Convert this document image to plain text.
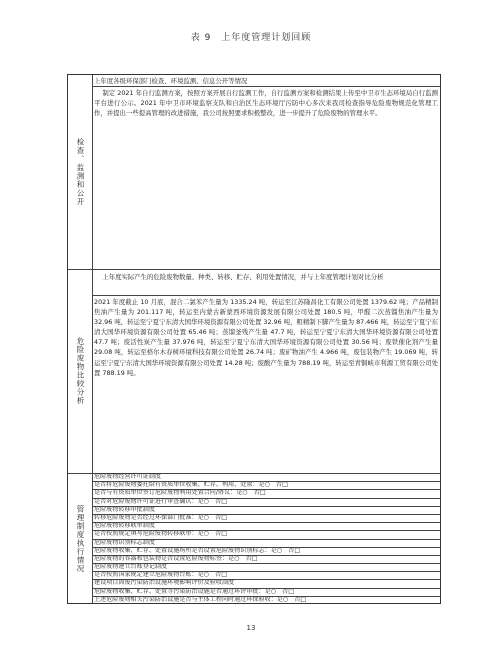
表 9　上年度管理计划回顾
检查、监测和公开

上年度各级环保部门检查、环境监测、信息公开等情况

制定 2021 年自行监测方案，按照方案开展自行监测工作，自行监测方案和检测结果上传至中卫市生态环境局自行监测平台进行公示。2021 年中卫市环境监察支队和自治区生态环境厅污防中心多次来我司检查指导危险废物规范化管理工作，并提出一些提高管理的改进措施，我公司按照要求积极整改，进一步提升了危险废物的管理水平。

危险废物比较分析

上年度实际产生的危险废物数量、种类、转移、贮存、利用处置情况，并与上年度管理计划对比分析

2021 年度截止 10 月底，混合二氯苯产生量为 1335.24 吨，转运至江苏隆昌化工有限公司处置 1379.62 吨；产品精制焦油产生量为 201.117 吨，转运至内蒙古新蒙西环境资源发展有限公司处置 180.5 吨，甲醛二次蒸馏焦油产生量为 32.96 吨，转运至宁夏宁东清大国华环境资源有限公司处置 32.96 吨，粗精制下脚产生量为 87.466 吨，转运至宁夏宁东清大国华环境资源有限公司处置 65.46 吨；蒸馏釜残产生量 47.7 吨，转运至宁夏宁东清大国华环境资源有限公司处置 47.7 吨；废活性炭产生量 37.976 吨，转运至宁夏宁东清大国华环境资源有限公司处置 30.56 吨；废铁催化剂产生量 29.08 吨，转运至格尔木春树环境科技有限公司处置 26.74 吨；废矿物油产生 4.966 吨，废包装物产生 19.069 吨，转运至宁夏宁东清大国华环境资源有限公司处置 14.28 吨；废酸产生量为 788.19 吨，转运至青铜峡市利源工贸有限公司处置 788.19 吨。

管理制度执行情况
危险废物经营许可证制度
是否将危险废物委托给有资质单位收集、贮存、利用、处置：是○　否□
是否与有资质单位签订危险废物利用处置合同/协议：是○　否□
是否对危险废物许可证进行审查确认：是○　否□
危险废物转移审批制度
转移危险废物是否经过环保部门批准：是○　否□
危险废物转移联单制度
是否按照规定填写危险废物转移联单：是○　否□
危险废物识别标志制度
危险废物收集、贮存、处置设施场所是否设置危险废物识别标志：是○　否□
危险废物的容器和包装物是否设置危险废物标签：是○　否□
危险废物建立台账登记制度
是否按照国家规定建立危险废物台账：是○　否□
建设项目固废污染防治设施环境影响评价及验收制度
危险废物收集、贮存、处置等污染防治设施是否通过环评审批：是○　否□
上述危险废物相关污染防治设施是否与主体工程同时通过环保验收：是○　否□
13
